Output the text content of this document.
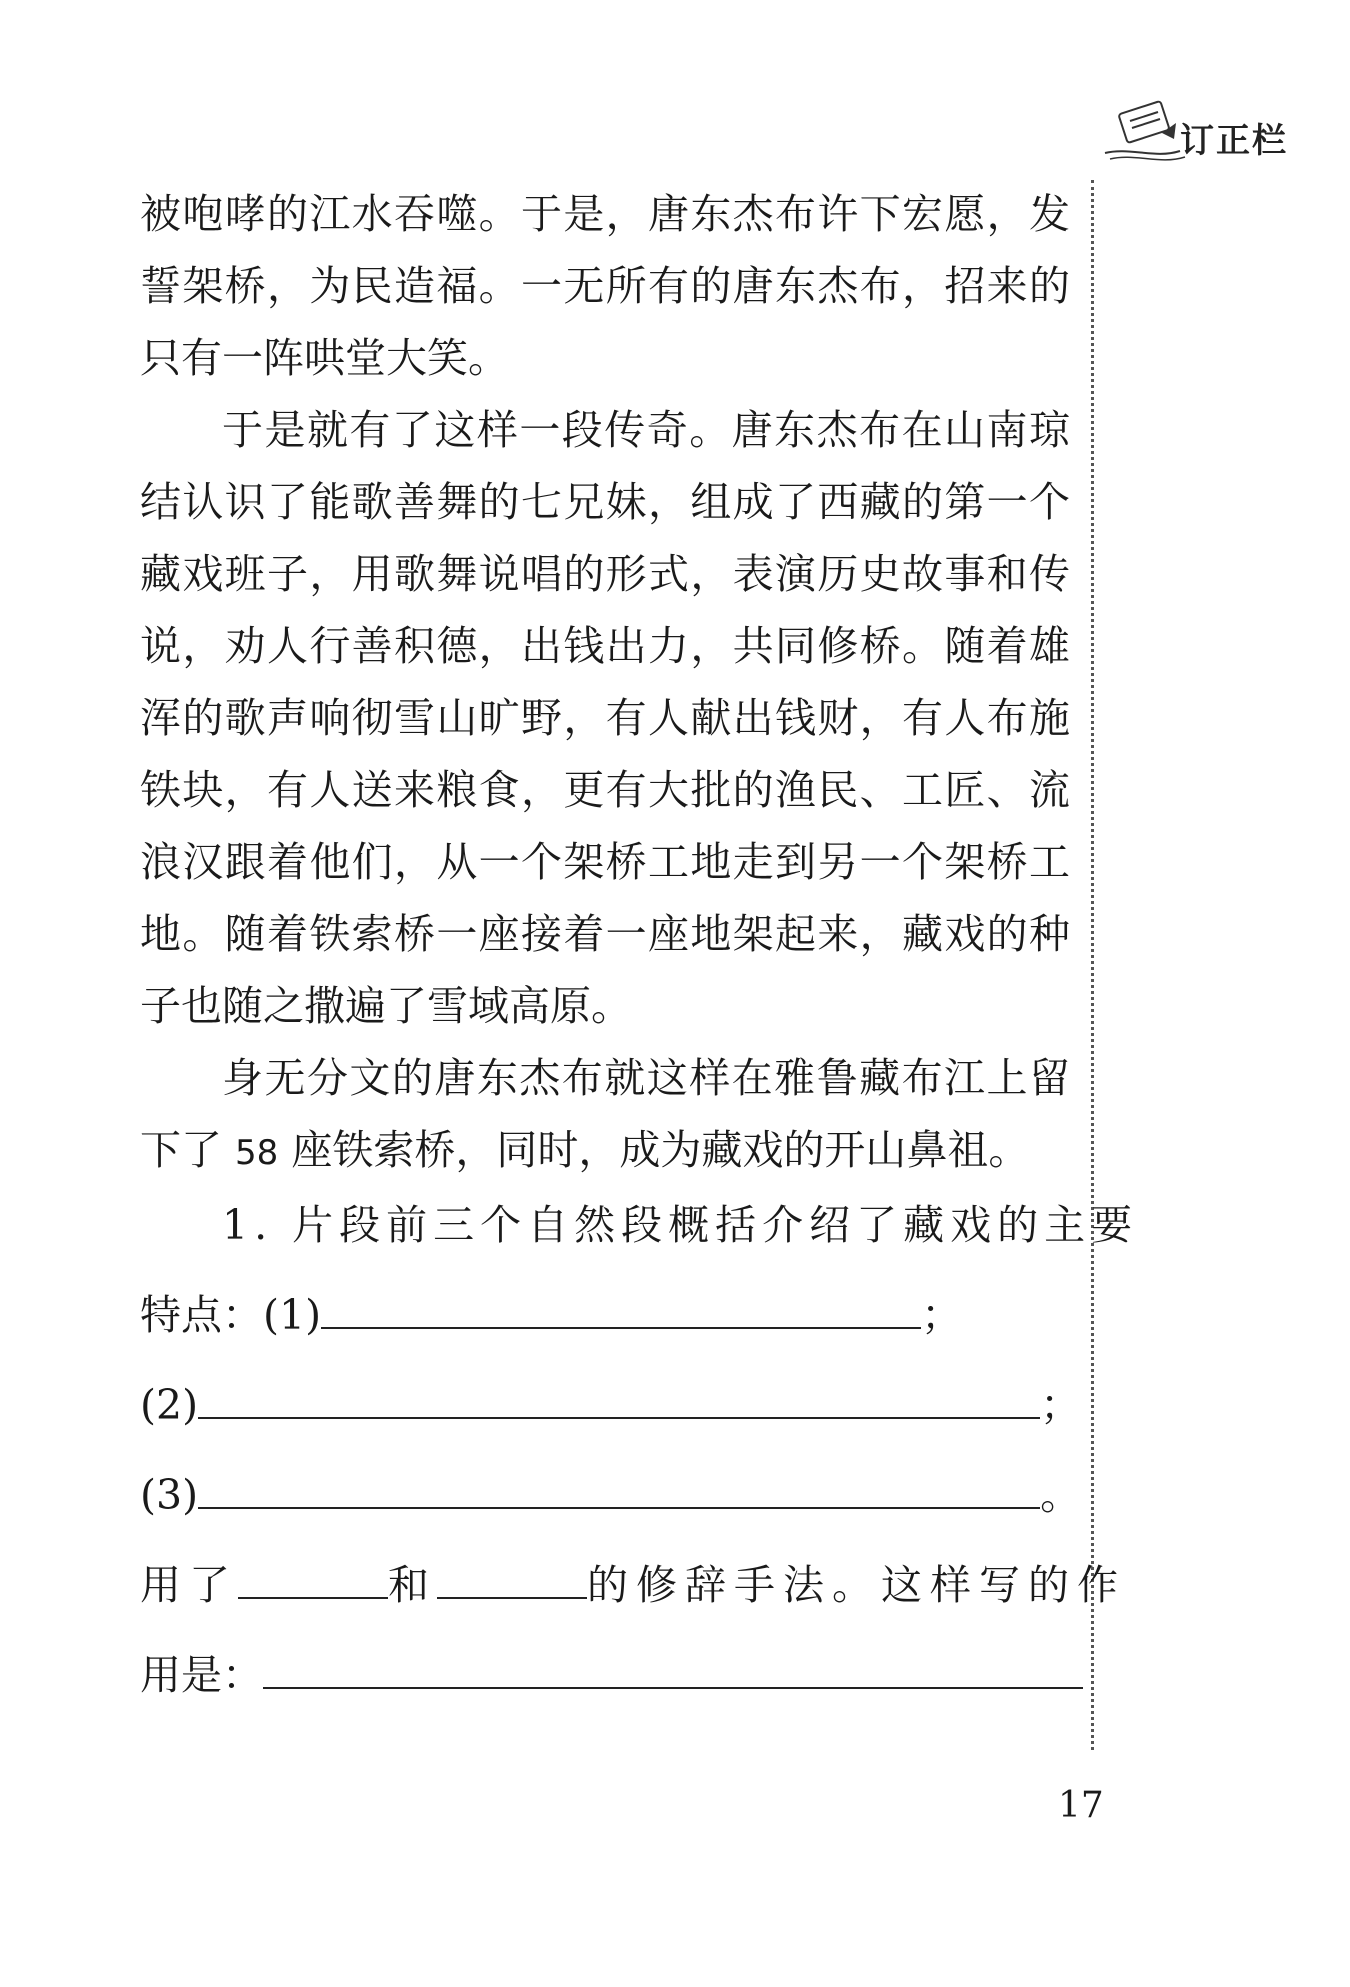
订正栏

被咆哮的江水吞噬。于是，唐东杰布许下宏愿，发誓架桥，为民造福。一无所有的唐东杰布，招来的只有一阵哄堂大笑。

于是就有了这样一段传奇。唐东杰布在山南琼结认识了能歌善舞的七兄妹，组成了西藏的第一个藏戏班子，用歌舞说唱的形式，表演历史故事和传说，劝人行善积德，出钱出力，共同修桥。随着雄浑的歌声响彻雪山旷野，有人献出钱财，有人布施铁块，有人送来粮食，更有大批的渔民、工匠、流浪汉跟着他们，从一个架桥工地走到另一个架桥工地。随着铁索桥一座接着一座地架起来，藏戏的种子也随之撒遍了雪域高原。

身无分文的唐东杰布就这样在雅鲁藏布江上留下了 58 座铁索桥，同时，成为藏戏的开山鼻祖。

1. 片段前三个自然段概括介绍了藏戏的主要
特点：(1)	；
(2)	；
(3)	。
用了	和	的修辞手法。这样写的作
用是：
17
